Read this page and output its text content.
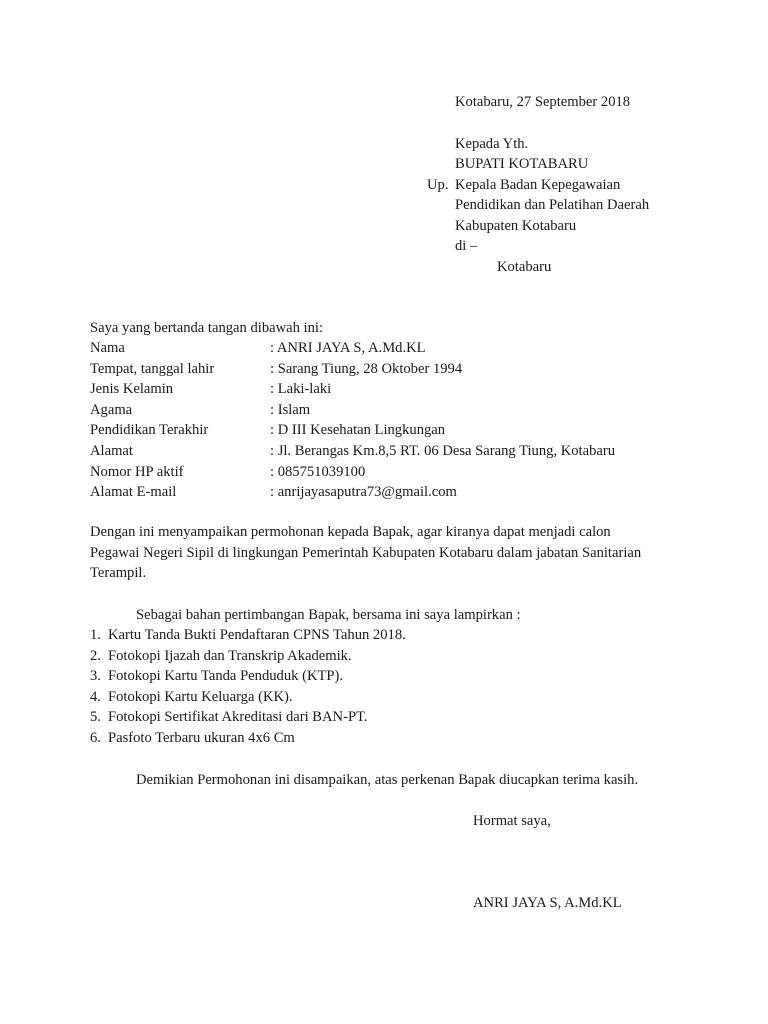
Kotabaru, 27 September 2018
Kepada Yth.
BUPATI KOTABARU
Up. Kepala Badan Kepegawaian
Pendidikan dan Pelatihan Daerah
Kabupaten Kotabaru
di –
Kotabaru
Saya yang bertanda tangan dibawah ini:
Nama	: ANRI JAYA S, A.Md.KL
Tempat, tanggal lahir	: Sarang Tiung, 28 Oktober 1994
Jenis Kelamin	: Laki-laki
Agama	: Islam
Pendidikan Terakhir	: D III Kesehatan Lingkungan
Alamat	: Jl. Berangas Km.8,5 RT. 06 Desa Sarang Tiung, Kotabaru
Nomor HP aktif	: 085751039100
Alamat E-mail	: anrijayasaputra73@gmail.com
Dengan ini menyampaikan permohonan kepada Bapak, agar kiranya dapat menjadi calon
Pegawai Negeri Sipil di lingkungan Pemerintah Kabupaten Kotabaru dalam jabatan Sanitarian
Terampil.
Sebagai bahan pertimbangan Bapak, bersama ini saya lampirkan :
1. Kartu Tanda Bukti Pendaftaran CPNS Tahun 2018.
2. Fotokopi Ijazah dan Transkrip Akademik.
3. Fotokopi Kartu Tanda Penduduk (KTP).
4. Fotokopi Kartu Keluarga (KK).
5. Fotokopi Sertifikat Akreditasi dari BAN-PT.
6. Pasfoto Terbaru ukuran 4x6 Cm
Demikian Permohonan ini disampaikan, atas perkenan Bapak diucapkan terima kasih.
Hormat saya,
ANRI JAYA S, A.Md.KL
